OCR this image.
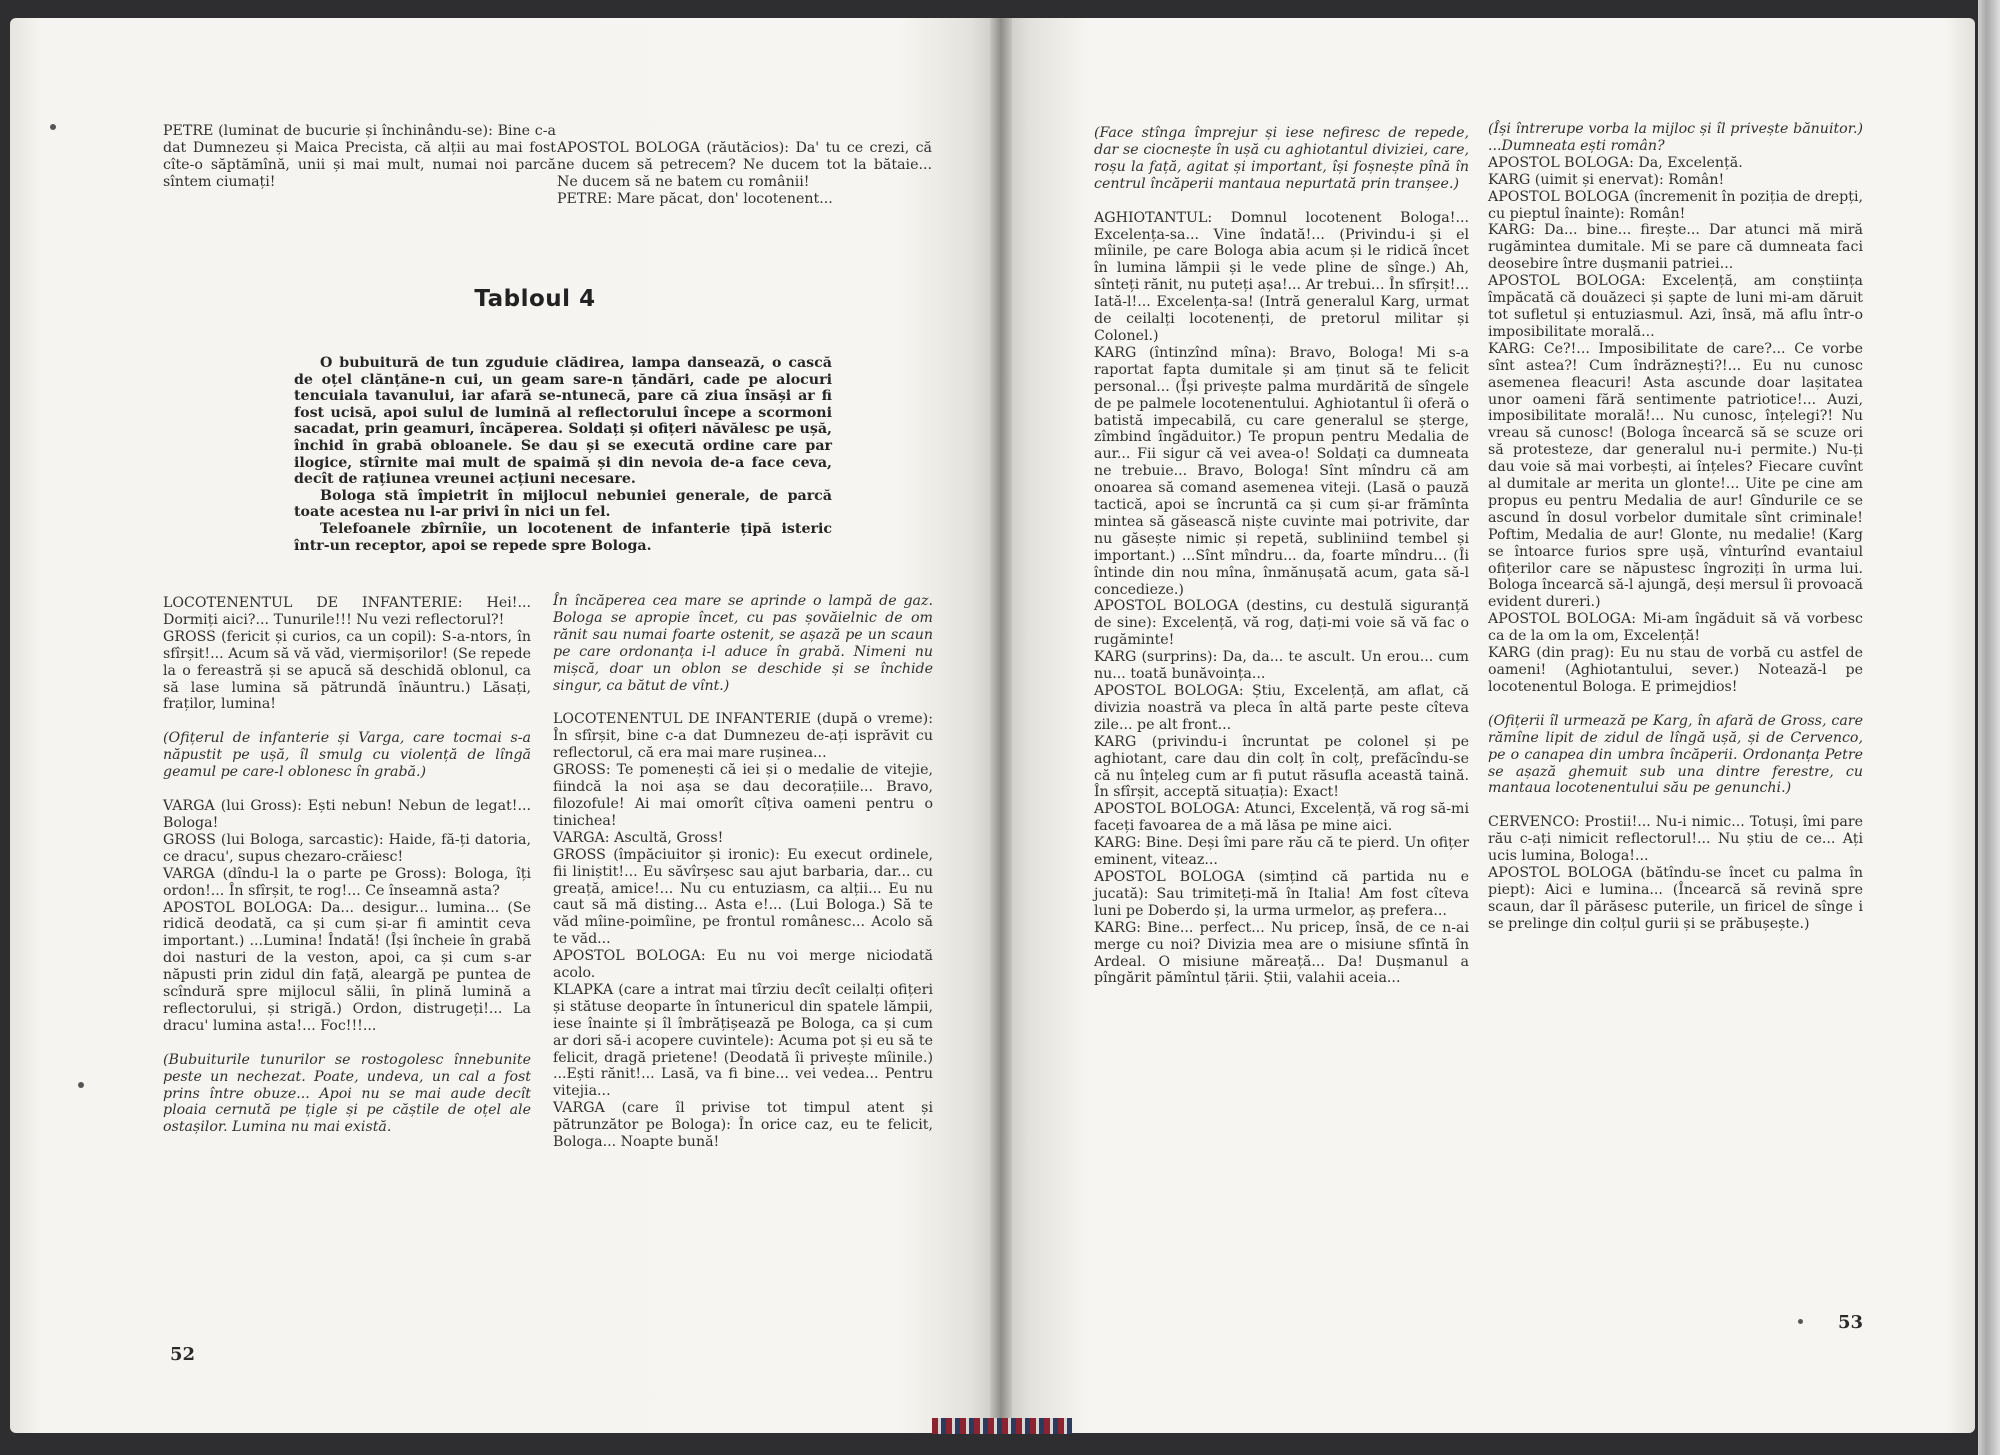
PETRE (luminat de bucurie și închinându-se): Bine c-a dat Dumnezeu și Maica Precista, că alții au mai fost cîte-o săptămînă, unii și mai mult, numai noi parcă sîntem ciumați!

APOSTOL BOLOGA (răutăcios): Da' tu ce crezi, că ne ducem să petrecem? Ne ducem tot la bătaie... Ne ducem să ne batem cu românii!
PETRE: Mare păcat, don' locotenent...

Tabloul 4

O bubuitură de tun zguduie clădirea, lampa dansează, o cască de oțel clănțăne-n cui, un geam sare-n țăndări, cade pe alocuri tencuiala tavanului, iar afară se-ntunecă, pare că ziua însăși ar fi fost ucisă, apoi sulul de lumină al reflectorului începe a scormoni sacadat, prin geamuri, încăperea. Soldați și ofițeri năvălesc pe ușă, închid în grabă obloanele. Se dau și se execută ordine care par ilogice, stîrnite mai mult de spaimă și din nevoia de-a face ceva, decît de rațiunea vreunei acțiuni necesare.

Bologa stă împietrit în mijlocul nebuniei generale, de parcă toate acestea nu l-ar privi în nici un fel.

Telefoanele zbîrnîie, un locotenent de infanterie țipă isteric într-un receptor, apoi se repede spre Bologa.

LOCOTENENTUL DE INFANTERIE: Hei!... Dormiți aici?... Tunurile!!! Nu vezi reflectorul?!
GROSS (fericit și curios, ca un copil): S-a-ntors, în sfîrșit!... Acum să vă văd, viermișorilor! (Se repede la o fereastră și se apucă să deschidă oblonul, ca să lase lumina să pătrundă înăuntru.) Lăsați, fraților, lumina!
(Ofițerul de infanterie și Varga, care tocmai s-a năpustit pe ușă, îl smulg cu violență de lîngă geamul pe care-l oblonesc în grabă.)
VARGA (lui Gross): Ești nebun! Nebun de legat!... Bologa!
GROSS (lui Bologa, sarcastic): Haide, fă-ți datoria, ce dracu', supus chezaro-crăiesc!
VARGA (dîndu-l la o parte pe Gross): Bologa, îți ordon!... În sfîrșit, te rog!... Ce înseamnă asta?
APOSTOL BOLOGA: Da... desigur... lumina... (Se ridică deodată, ca și cum și-ar fi amintit ceva important.) ...Lumina! Îndată! (Își încheie în grabă doi nasturi de la veston, apoi, ca și cum s-ar năpusti prin zidul din față, aleargă pe puntea de scîndură spre mijlocul sălii, în plină lumină a reflectorului, și strigă.) Ordon, distrugeți!... La dracu' lumina asta!... Foc!!!...
(Bubuiturile tunurilor se rostogolesc înnebunite peste un nechezat. Poate, undeva, un cal a fost prins între obuze... Apoi nu se mai aude decît ploaia cernută pe țigle și pe căștile de oțel ale ostașilor. Lumina nu mai există.
În încăperea cea mare se aprinde o lampă de gaz. Bologa se apropie încet, cu pas șovăielnic de om rănit sau numai foarte ostenit, se așază pe un scaun pe care ordonanța i-l aduce în grabă. Nimeni nu mișcă, doar un oblon se deschide și se închide singur, ca bătut de vînt.)
LOCOTENENTUL DE INFANTERIE (după o vreme): În sfîrșit, bine c-a dat Dumnezeu de-ați isprăvit cu reflectorul, că era mai mare rușinea...
GROSS: Te pomenești că iei și o medalie de vitejie, fiindcă la noi așa se dau decorațiile... Bravo, filozofule! Ai mai omorît cîțiva oameni pentru o tinichea!
VARGA: Ascultă, Gross!
GROSS (împăciuitor și ironic): Eu execut ordinele, fii liniștit!... Eu săvîrșesc sau ajut barbaria, dar... cu greață, amice!... Nu cu entuziasm, ca alții... Eu nu caut să mă disting... Asta e!... (Lui Bologa.) Să te văd mîine-poimîine, pe frontul românesc... Acolo să te văd...
APOSTOL BOLOGA: Eu nu voi merge niciodată acolo.
KLAPKA (care a intrat mai tîrziu decît ceilalți ofițeri și stătuse deoparte în întunericul din spatele lămpii, iese înainte și îl îmbrățișează pe Bologa, ca și cum ar dori să-i acopere cuvintele): Acuma pot și eu să te felicit, dragă prietene! (Deodată îi privește mîinile.) ...Ești rănit!... Lasă, va fi bine... vei vedea... Pentru vitejia...
VARGA (care îl privise tot timpul atent și pătrunzător pe Bologa): În orice caz, eu te felicit, Bologa... Noapte bună!
52
(Face stînga împrejur și iese nefiresc de repede, dar se ciocnește în ușă cu aghiotantul diviziei, care, roșu la față, agitat și important, își foșnește pînă în centrul încăperii mantaua nepurtată prin tranșee.)
AGHIOTANTUL: Domnul locotenent Bologa!... Excelența-sa... Vine îndată!... (Privindu-i și el mîinile, pe care Bologa abia acum și le ridică încet în lumina lămpii și le vede pline de sînge.) Ah, sînteți rănit, nu puteți așa!... Ar trebui... În sfîrșit!... Iată-l!... Excelența-sa! (Intră generalul Karg, urmat de ceilalți locotenenți, de pretorul militar și Colonel.)
KARG (întinzînd mîna): Bravo, Bologa! Mi s-a raportat fapta dumitale și am ținut să te felicit personal... (Își privește palma murdărită de sîngele de pe palmele locotenentului. Aghiotantul îi oferă o batistă impecabilă, cu care generalul se șterge, zîmbind îngăduitor.) Te propun pentru Medalia de aur... Fii sigur că vei avea-o! Soldați ca dumneata ne trebuie... Bravo, Bologa! Sînt mîndru că am onoarea să comand asemenea viteji. (Lasă o pauză tactică, apoi se încruntă ca și cum și-ar frămînta mintea să găsească niște cuvinte mai potrivite, dar nu găsește nimic și repetă, subliniind tembel și important.) ...Sînt mîndru... da, foarte mîndru... (Îi întinde din nou mîna, înmănușată acum, gata să-l concedieze.)
APOSTOL BOLOGA (destins, cu destulă siguranță de sine): Excelență, vă rog, dați-mi voie să vă fac o rugăminte!
KARG (surprins): Da, da... te ascult. Un erou... cum nu... toată bunăvoința...
APOSTOL BOLOGA: Știu, Excelență, am aflat, că divizia noastră va pleca în altă parte peste cîteva zile... pe alt front...
KARG (privindu-i încruntat pe colonel și pe aghiotant, care dau din colț în colț, prefăcîndu-se că nu înțeleg cum ar fi putut răsufla această taină. În sfîrșit, acceptă situația): Exact!
APOSTOL BOLOGA: Atunci, Excelență, vă rog să-mi faceți favoarea de a mă lăsa pe mine aici.
KARG: Bine. Deși îmi pare rău că te pierd. Un ofițer eminent, viteaz...
APOSTOL BOLOGA (simțind că partida nu e jucată): Sau trimiteți-mă în Italia! Am fost cîteva luni pe Doberdo și, la urma urmelor, aș prefera...
KARG: Bine... perfect... Nu pricep, însă, de ce n-ai merge cu noi? Divizia mea are o misiune sfîntă în Ardeal. O misiune măreață... Da! Dușmanul a pîngărit pămîntul țării. Știi, valahii aceia...
(Își întrerupe vorba la mijloc și îl privește bănuitor.) ...Dumneata ești român?
APOSTOL BOLOGA: Da, Excelență.
KARG (uimit și enervat): Român!
APOSTOL BOLOGA (încremenit în poziția de drepți, cu pieptul înainte): Român!
KARG: Da... bine... firește... Dar atunci mă miră rugămintea dumitale. Mi se pare că dumneata faci deosebire între dușmanii patriei...
APOSTOL BOLOGA: Excelență, am conștiința împăcată că douăzeci și șapte de luni mi-am dăruit tot sufletul și entuziasmul. Azi, însă, mă aflu într-o imposibilitate morală...
KARG: Ce?!... Imposibilitate de care?... Ce vorbe sînt astea?! Cum îndrăznești?!... Eu nu cunosc asemenea fleacuri! Asta ascunde doar lașitatea unor oameni fără sentimente patriotice!... Auzi, imposibilitate morală!... Nu cunosc, înțelegi?! Nu vreau să cunosc! (Bologa încearcă să se scuze ori să protesteze, dar generalul nu-i permite.) Nu-ți dau voie să mai vorbești, ai înțeles? Fiecare cuvînt al dumitale ar merita un glonte!... Uite pe cine am propus eu pentru Medalia de aur! Gîndurile ce se ascund în dosul vorbelor dumitale sînt criminale! Poftim, Medalia de aur! Glonte, nu medalie! (Karg se întoarce furios spre ușă, vînturînd evantaiul ofițerilor care se năpustesc îngroziți în urma lui. Bologa încearcă să-l ajungă, deși mersul îi provoacă evident dureri.)
APOSTOL BOLOGA: Mi-am îngăduit să vă vorbesc ca de la om la om, Excelență!
KARG (din prag): Eu nu stau de vorbă cu astfel de oameni! (Aghiotantului, sever.) Notează-l pe locotenentul Bologa. E primejdios!
(Ofițerii îl urmează pe Karg, în afară de Gross, care rămîne lipit de zidul de lîngă ușă, și de Cervenco, pe o canapea din umbra încăperii. Ordonanța Petre se așază ghemuit sub una dintre ferestre, cu mantaua locotenentului său pe genunchi.)
CERVENCO: Prostii!... Nu-i nimic... Totuși, îmi pare rău c-ați nimicit reflectorul!... Nu știu de ce... Ați ucis lumina, Bologa!...
APOSTOL BOLOGA (bătîndu-se încet cu palma în piept): Aici e lumina... (Încearcă să revină spre scaun, dar îl părăsesc puterile, un firicel de sînge i se prelinge din colțul gurii și se prăbușește.)
53
